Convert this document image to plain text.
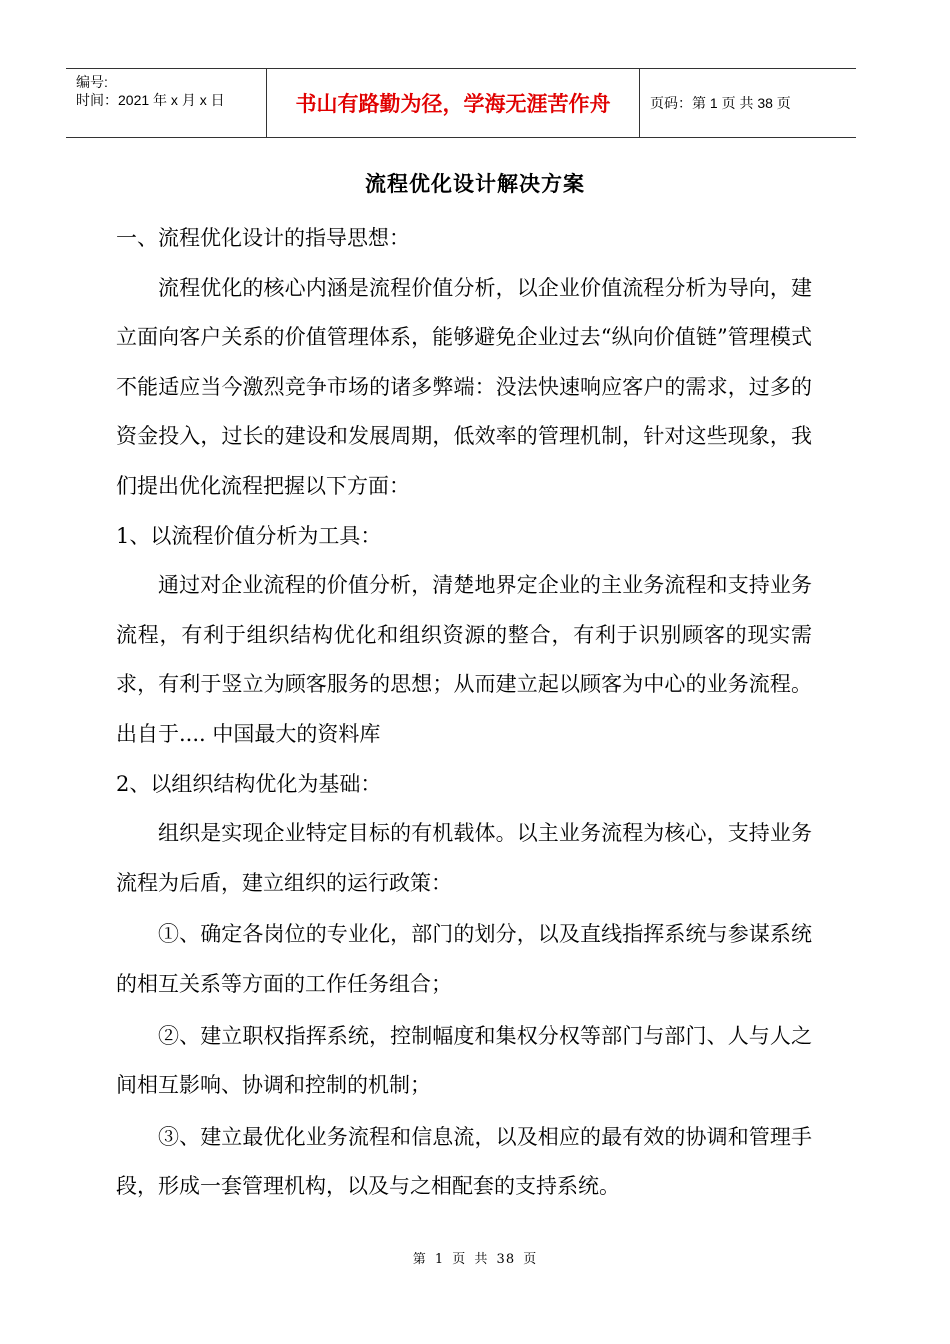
编号:
时间：2021 年 x 月 x 日	书山有路勤为径，学海无涯苦作舟	页码：第 1 页 共 38 页
流程优化设计解决方案

一、流程优化设计的指导思想：

流程优化的核心内涵是流程价值分析，以企业价值流程分析为导向，建立面向客户关系的价值管理体系，能够避免企业过去“纵向价值链”管理模式不能适应当今激烈竞争市场的诸多弊端：没法快速响应客户的需求，过多的资金投入，过长的建设和发展周期，低效率的管理机制，针对这些现象，我们提出优化流程把握以下方面：

1、以流程价值分析为工具：

通过对企业流程的价值分析，清楚地界定企业的主业务流程和支持业务流程，有利于组织结构优化和组织资源的整合，有利于识别顾客的现实需求，有利于竖立为顾客服务的思想；从而建立起以顾客为中心的业务流程。出自于.... 中国最大的资料库

2、以组织结构优化为基础：

组织是实现企业特定目标的有机载体。以主业务流程为核心，支持业务流程为后盾，建立组织的运行政策：

①、确定各岗位的专业化，部门的划分，以及直线指挥系统与参谋系统的相互关系等方面的工作任务组合；

②、建立职权指挥系统，控制幅度和集权分权等部门与部门、人与人之间相互影响、协调和控制的机制；

③、建立最优化业务流程和信息流，以及相应的最有效的协调和管理手段，形成一套管理机构，以及与之相配套的支持系统。

第 1 页 共 38 页
